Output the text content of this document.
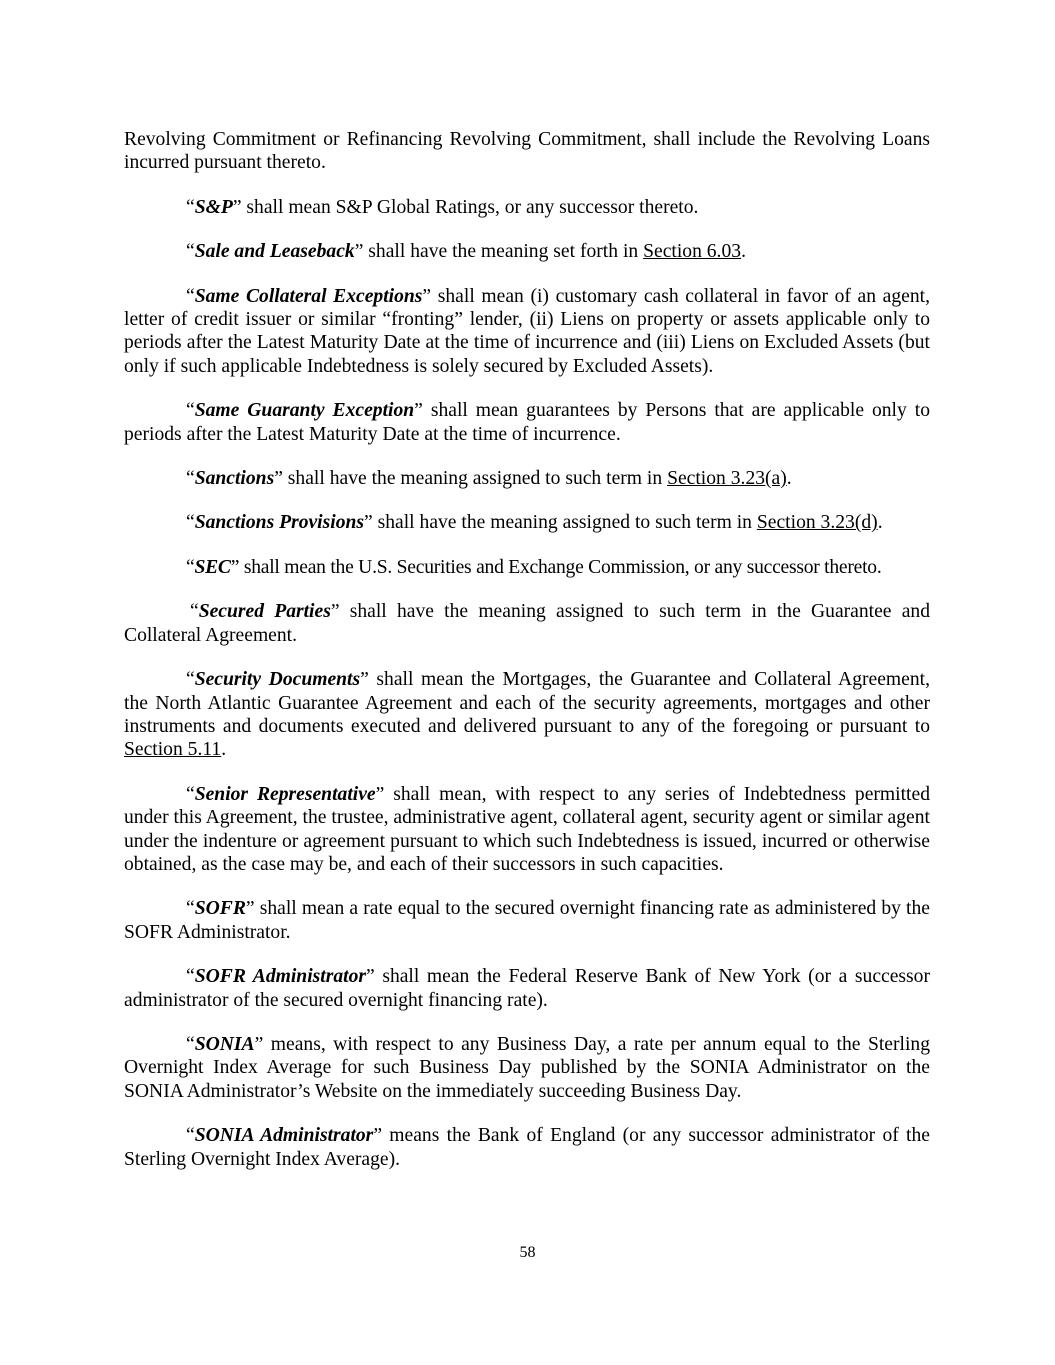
Revolving Commitment or Refinancing Revolving Commitment, shall include the Revolving Loans incurred pursuant thereto.

“S&P” shall mean S&P Global Ratings, or any successor thereto.

“Sale and Leaseback” shall have the meaning set forth in Section 6.03.

“Same Collateral Exceptions” shall mean (i) customary cash collateral in favor of an agent, letter of credit issuer or similar “fronting” lender, (ii) Liens on property or assets applicable only to periods after the Latest Maturity Date at the time of incurrence and (iii) Liens on Excluded Assets (but only if such applicable Indebtedness is solely secured by Excluded Assets).

“Same Guaranty Exception” shall mean guarantees by Persons that are applicable only to periods after the Latest Maturity Date at the time of incurrence.

“Sanctions” shall have the meaning assigned to such term in Section 3.23(a).

“Sanctions Provisions” shall have the meaning assigned to such term in Section 3.23(d).

“SEC” shall mean the U.S. Securities and Exchange Commission, or any successor thereto.

“Secured Parties” shall have the meaning assigned to such term in the Guarantee and Collateral Agreement.

“Security Documents” shall mean the Mortgages, the Guarantee and Collateral Agreement, the North Atlantic Guarantee Agreement and each of the security agreements, mortgages and other instruments and documents executed and delivered pursuant to any of the foregoing or pursuant to Section 5.11.

“Senior Representative” shall mean, with respect to any series of Indebtedness permitted under this Agreement, the trustee, administrative agent, collateral agent, security agent or similar agent under the indenture or agreement pursuant to which such Indebtedness is issued, incurred or otherwise obtained, as the case may be, and each of their successors in such capacities.

“SOFR” shall mean a rate equal to the secured overnight financing rate as administered by the SOFR Administrator.

“SOFR Administrator” shall mean the Federal Reserve Bank of New York (or a successor administrator of the secured overnight financing rate).

“SONIA” means, with respect to any Business Day, a rate per annum equal to the Sterling Overnight Index Average for such Business Day published by the SONIA Administrator on the SONIA Administrator’s Website on the immediately succeeding Business Day.

“SONIA Administrator” means the Bank of England (or any successor administrator of the Sterling Overnight Index Average).

58
